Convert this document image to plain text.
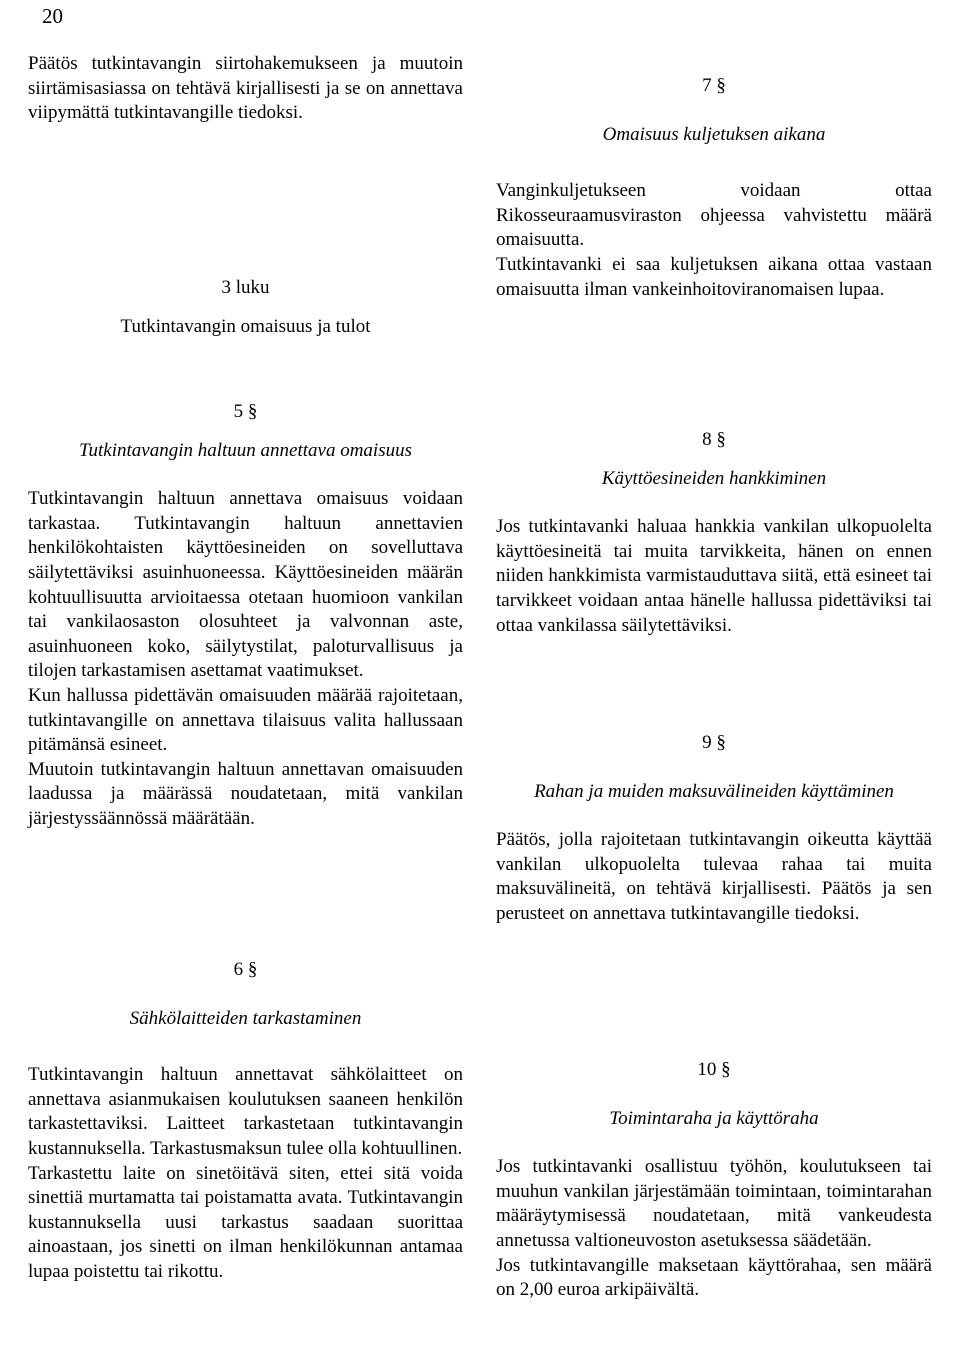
20

Päätös tutkintavangin siirtohakemukseen ja muutoin siirtämisasiassa on tehtävä kirjallisesti ja se on annettava viipymättä tutkintavangille tiedoksi.

3 luku

Tutkintavangin omaisuus ja tulot

5 §

Tutkintavangin haltuun annettava omaisuus

Tutkintavangin haltuun annettava omaisuus voidaan tarkastaa. Tutkintavangin haltuun annettavien henkilökohtaisten käyttöesineiden on sovelluttava säilytettäviksi asuinhuoneessa. Käyttöesineiden määrän kohtuullisuutta arvioitaessa otetaan huomioon vankilan tai vankilaosaston olosuhteet ja valvonnan aste, asuinhuoneen koko, säilytystilat, paloturvallisuus ja tilojen tarkastamisen asettamat vaatimukset.

Kun hallussa pidettävän omaisuuden määrää rajoitetaan, tutkintavangille on annettava tilaisuus valita hallussaan pitämänsä esineet.

Muutoin tutkintavangin haltuun annettavan omaisuuden laadussa ja määrässä noudatetaan, mitä vankilan järjestyssäännössä määrätään.

6 §

Sähkölaitteiden tarkastaminen

Tutkintavangin haltuun annettavat sähkölaitteet on annettava asianmukaisen koulutuksen saaneen henkilön tarkastettaviksi. Laitteet tarkastetaan tutkintavangin kustannuksella. Tarkastusmaksun tulee olla kohtuullinen.

Tarkastettu laite on sinetöitävä siten, ettei sitä voida sinettiä murtamatta tai poistamatta avata. Tutkintavangin kustannuksella uusi tarkastus saadaan suorittaa ainoastaan, jos sinetti on ilman henkilökunnan antamaa lupaa poistettu tai rikottu.

7 §

Omaisuus kuljetuksen aikana

Vanginkuljetukseen voidaan ottaa Rikosseuraamusviraston ohjeessa vahvistettu määrä omaisuutta.

Tutkintavanki ei saa kuljetuksen aikana ottaa vastaan omaisuutta ilman vankeinhoitoviranomaisen lupaa.

8 §

Käyttöesineiden hankkiminen

Jos tutkintavanki haluaa hankkia vankilan ulkopuolelta käyttöesineitä tai muita tarvikkeita, hänen on ennen niiden hankkimista varmistauduttava siitä, että esineet tai tarvikkeet voidaan antaa hänelle hallussa pidettäviksi tai ottaa vankilassa säilytettäviksi.

9 §

Rahan ja muiden maksuvälineiden käyttäminen

Päätös, jolla rajoitetaan tutkintavangin oikeutta käyttää vankilan ulkopuolelta tulevaa rahaa tai muita maksuvälineitä, on tehtävä kirjallisesti. Päätös ja sen perusteet on annettava tutkintavangille tiedoksi.

10 §

Toimintaraha ja käyttöraha

Jos tutkintavanki osallistuu työhön, koulutukseen tai muuhun vankilan järjestämään toimintaan, toimintarahan määräytymisessä noudatetaan, mitä vankeudesta annetussa valtioneuvoston asetuksessa säädetään.

Jos tutkintavangille maksetaan käyttörahaa, sen määrä on 2,00 euroa arkipäivältä.
